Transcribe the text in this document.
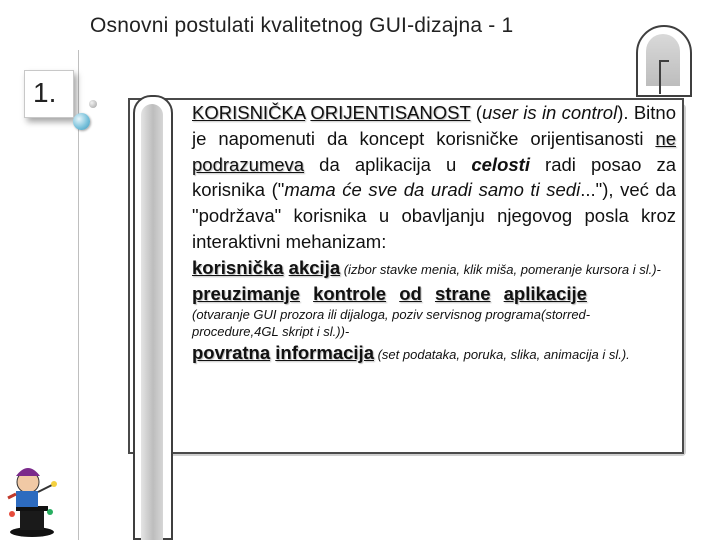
Osnovni postulati kvalitetnog GUI-dizajna - 1
1.

KORISNIČKA ORIJENTISANOST (user is in control). Bitno je napomenuti da koncept korisničke orijentisanosti ne podrazumeva da aplikacija u celosti radi posao za korisnika ("mama će sve da uradi samo ti sedi..."), već da "podržava" korisnika u obavljanju njegovog posla kroz interaktivni mehanizam:

korisnička akcija (izbor stavke menia, klik miša, pomeranje kursora i sl.)-

preuzimanje kontrole od strane aplikacije

(otvaranje GUI prozora ili dijaloga, poziv servisnog programa(storred-procedure,4GL skript i sl.))-

povratna informacija (set podataka, poruka, slika, animacija i sl.).
